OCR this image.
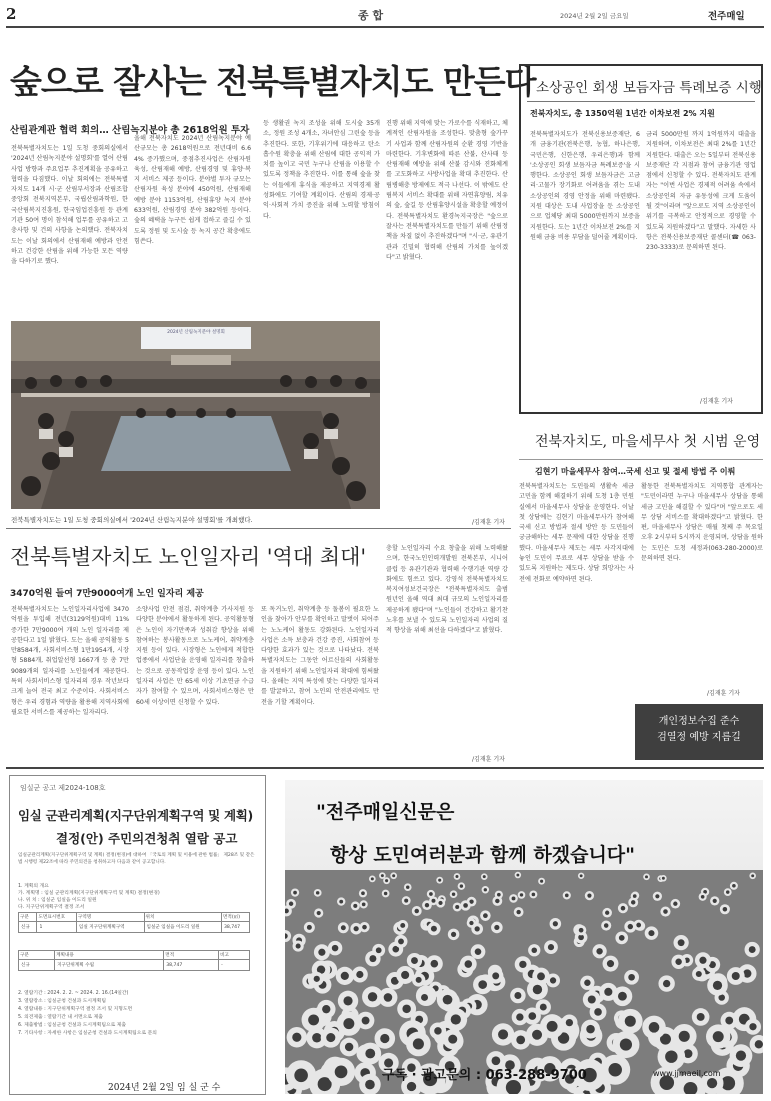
2	종 합	2024년 2월 2일 금요일	전주매일
숲으로 잘사는 전북특별자치도 만든다
산림관계관 협력 회의… 산림녹지분야 총 2618억원 투자
전북특별자치도는 1일 도청 중회의실에서 '2024년 산림녹지분야 설명회'를 열어 산림사업 방향과 주요업무 추진계획을 공유하고 협력을 다짐했다. 이날 회의에는 전북특별자치도 14개 시·군 산림부서장과 산림조합중앙회 전북지역본부, 국립산림과학원, 한국산림복지진흥원, 한국임업진흥원 등 관계기관 50여 명이 참석해 업무를 공유하고 고충사항 및 건의 사항을 논의했다. 전북자치도는 이날 회의에서 산림재해 예방과 안전하고 건강한 산림을 위해 가능한 모든 역량을 다하기로 했다.
올해 전북자치도 2024년 산림녹지분야 예산규모는 총 2618억원으로 전년대비 6.64% 증가했으며, 중점추진사업은 산림자원 육성, 산림재해 예방, 산림경영 및 휴양·복지 서비스 제공 등이다. 분야별 투자 규모는 산림자원 육성 분야에 450억원, 산림재해 예방 분야 1153억원, 산림휴양 녹지 분야 633억원, 산림경영 분야 382억원 등이다. 숲의 혜택을 누구든 쉽게 접하고 즐길 수 있도록 정원 및 도시숲 등 녹지 공간 확충에도 힘쓴다.
등 생활권 녹지 조성을 위해 도시숲 35개소, 정원 조성 4개소, 자녀안심 그린숲 등을 추진한다. 또한, 기후위기에 대응하고 탄소흡수원 확충을 위해 산림에 대한 공익적 가치를 높이고 국민 누구나 산림을 이용할 수 있도록 정책을 추진한다. 이를 통해 숲을 찾는 이들에게 휴식을 제공하고 지역경제 활성화에도 기여할 계획이다. 산림의 경제·공익·사회적 가치 증진을 위해 노력할 방침이다.
진행 위해 지역에 맞는 가로수를 식재하고, 체계적인 산림자원을 조성한다. 맞춤형 숲가꾸기 사업과 함께 산림자원의 순환 경영 기반을 마련한다. 기후변화에 따른 산불, 산사태 등 산림재해 예방을 위해 산불 감시와 진화체계를 고도화하고 사방사업을 확대 추진한다. 산림병해충 방제에도 적극 나선다. 이 밖에도 산림복지 서비스 확대를 위해 자연휴양림, 치유의 숲, 숲길 등 산림휴양시설을 확충할 예정이다. 전북특별자치도 환경녹지국장은 "숲으로 잘사는 전북특별자치도를 만들기 위해 산림정책을 차질 없이 추진하겠다"며 "시·군, 유관기관과 긴밀히 협력해 산림의 가치를 높이겠다"고 밝혔다.
2024년 산림녹지분야 설명회
전북특별자치도는 1일 도청 중회의실에서 '2024년 산림녹지분야 설명회'를 개최했다.	/김재훈 기자
소상공인 회생 보듬자금 특례보증 시행
전북자치도, 총 1350억원 1년간 이차보전 2% 지원
전북특별자치도가 전북신용보증재단, 6개 금융기관(전북은행, 농협, 하나은행, 국민은행, 신한은행, 우리은행)과 함께 '소상공인 회생 보듬자금 특례보증'을 시행한다. 소상공인 회생 보듬자금은 고금리·고물가 장기화로 어려움을 겪는 도내 소상공인의 경영 안정을 위해 마련됐다. 지원 대상은 도내 사업장을 둔 소상공인으로 업체당 최대 5000만원까지 보증을 지원한다. 도는 1년간 이차보전 2%를 지원해 금융 비용 부담을 덜어줄 계획이다.
금리 5000만원 까지 1억원까지 대출을 지원하며, 이차보전은 최대 2%를 1년간 지원한다. 대출은 오는 5일부터 전북신용보증재단 각 지점과 참여 금융기관 영업점에서 신청할 수 있다. 전북자치도 관계자는 "이번 사업은 경제적 어려움 속에서 소상공인의 자금 유동성에 크게 도움이 될 것"이라며 "앞으로도 지역 소상공인이 위기를 극복하고 안정적으로 경영할 수 있도록 지원하겠다"고 말했다. 자세한 사항은 전북신용보증재단 콜센터(☎ 063-230-3333)로 문의하면 된다.
/김재훈 기자
전북자치도, 마을세무사 첫 시범 운영
김현기 마을세무사 참여…국세 신고 및 절세 방법 주 이뤄
전북특별자치도는 도민들의 생활속 세금 고민을 함께 해결하기 위해 도청 1층 민원실에서 마을세무사 상담을 운영한다. 이날 첫 상담에는 김현기 마을세무사가 참여해 국세 신고 방법과 절세 방안 등 도민들이 궁금해하는 세무 문제에 대한 상담을 진행했다. 마을세무사 제도는 세무 사각지대에 놓인 도민이 무료로 세무 상담을 받을 수 있도록 지원하는 제도다. 상담 희망자는 사전에 전화로 예약하면 된다.
활동한 전북특별자치도 지역통합 관계자는 "도민이라면 누구나 마을세무사 상담을 통해 세금 고민을 해결할 수 있다"며 "앞으로도 세무 상담 서비스를 확대하겠다"고 밝혔다. 한편, 마을세무사 상담은 매월 첫째 주 목요일 오후 2시부터 5시까지 운영되며, 상담을 원하는 도민은 도청 세정과(063-280-2000)로 문의하면 된다.
/김재훈 기자
개인정보수집 준수
검열정 예방 지름길
전북특별자치도 노인일자리 '역대 최대'
3470억원 들여 7만9000여개 노인 일자리 제공
전북특별자치도는 노인일자리사업에 3470억원을 투입해 전년(3129억원)대비 11% 증가한 7만9000여 개의 노인 일자리를 제공한다고 1일 밝혔다. 도는 올해 공익활동 5만8584개, 사회서비스형 1만1954개, 시장형 5884개, 취업알선형 1667개 등 총 7만9089개의 일자리를 노인들에게 제공한다. 특히 사회서비스형 일자리의 경우 작년보다 크게 늘어 전국 최고 수준이다. 사회서비스형은 우리 경험과 역량을 활용해 지역사회에 필요한 서비스를 제공하는 일자리다.
소양사업 안전 점검, 취약계층 가사지원 등 다양한 분야에서 활동하게 된다. 공익활동형은 노인이 자기만족과 성취감 향상을 위해 참여하는 봉사활동으로 노노케어, 취약계층 지원 등이 있다. 시장형은 노인에게 적합한 업종에서 사업단을 운영해 일자리를 창출하는 것으로 공동작업장 운영 등이 있다. 노인일자리 사업은 만 65세 이상 기초연금 수급자가 참여할 수 있으며, 사회서비스형은 만 60세 이상이면 신청할 수 있다.
또 독거노인, 취약계층 등 돌봄이 필요한 노인을 찾아가 안부를 확인하고 말벗이 되어주는 노노케어 활동도 강화된다. 노인일자리 사업은 소득 보충과 건강 증진, 사회참여 등 다양한 효과가 있는 것으로 나타났다. 전북특별자치도는 그동안 어르신들의 사회활동을 지원하기 위해 노인일자리 확대에 힘써왔다. 올해는 지역 특성에 맞는 다양한 일자리를 발굴하고, 참여 노인의 안전관리에도 만전을 기할 계획이다.
충할 노인일자리 수요 창출을 위해 노력해왔으며, 한국노인인력개발원 전북본부, 시니어클럽 등 유관기관과 협력해 수행기관 역량 강화에도 힘쓰고 있다. 강영석 전북특별자치도 복지여성보건국장은 "전북특별자치도 출범 원년인 올해 역대 최대 규모의 노인일자리를 제공하게 됐다"며 "노인들이 건강하고 활기찬 노후를 보낼 수 있도록 노인일자리 사업의 질적 향상을 위해 최선을 다하겠다"고 밝혔다.
/김재훈 기자
임실군 공고 제2024-108호
임실 군관리계획(지구단위계획구역 및 계획)
결정(안) 주민의견청취 열람 공고
임실군관리계획(지구단위계획구역 및 계획) 결정(변경)에 대하여 「국토의 계획 및 이용에 관한 법률」 제28조 및 같은 법 시행령 제22조에 따라 주민의견을 청취하고자 다음과 같이 공고합니다.
1. 계획의 개요
가. 계획명 : 임실 군관리계획(지구단위계획구역 및 계획) 결정(변경)
나. 위 치 : 임실군 임실읍 이도리 일원
다. 지구단위계획구역 결정 조서
구분	도면표시번호	구역명	위치	면적(㎡)
신규	1	임실 지구단위계획구역	임실군 임실읍 이도리 일원	38,747
구분	계획내용	면적	비고
신규	지구단위계획 수립	38,747	-
2. 열람기간 : 2024. 2. 2. ~ 2024. 2. 16.(14일간)
3. 열람장소 : 임실군청 건설과 도시계획팀
4. 열람내용 : 지구단위계획구역 결정 조서 및 지형도면
5. 의견제출 : 열람기간 내 서면으로 제출
6. 제출방법 : 임실군청 건설과 도시계획팀으로 제출
7. 기타사항 : 자세한 사항은 임실군청 건설과 도시계획팀으로 문의
2024년 2월 2일 임 실 군 수
"전주매일신문은
항상 도민여러분과 함께 하겠습니다"
구독 · 광고문의 : 063-288-9700	www.jjmaeil.com
